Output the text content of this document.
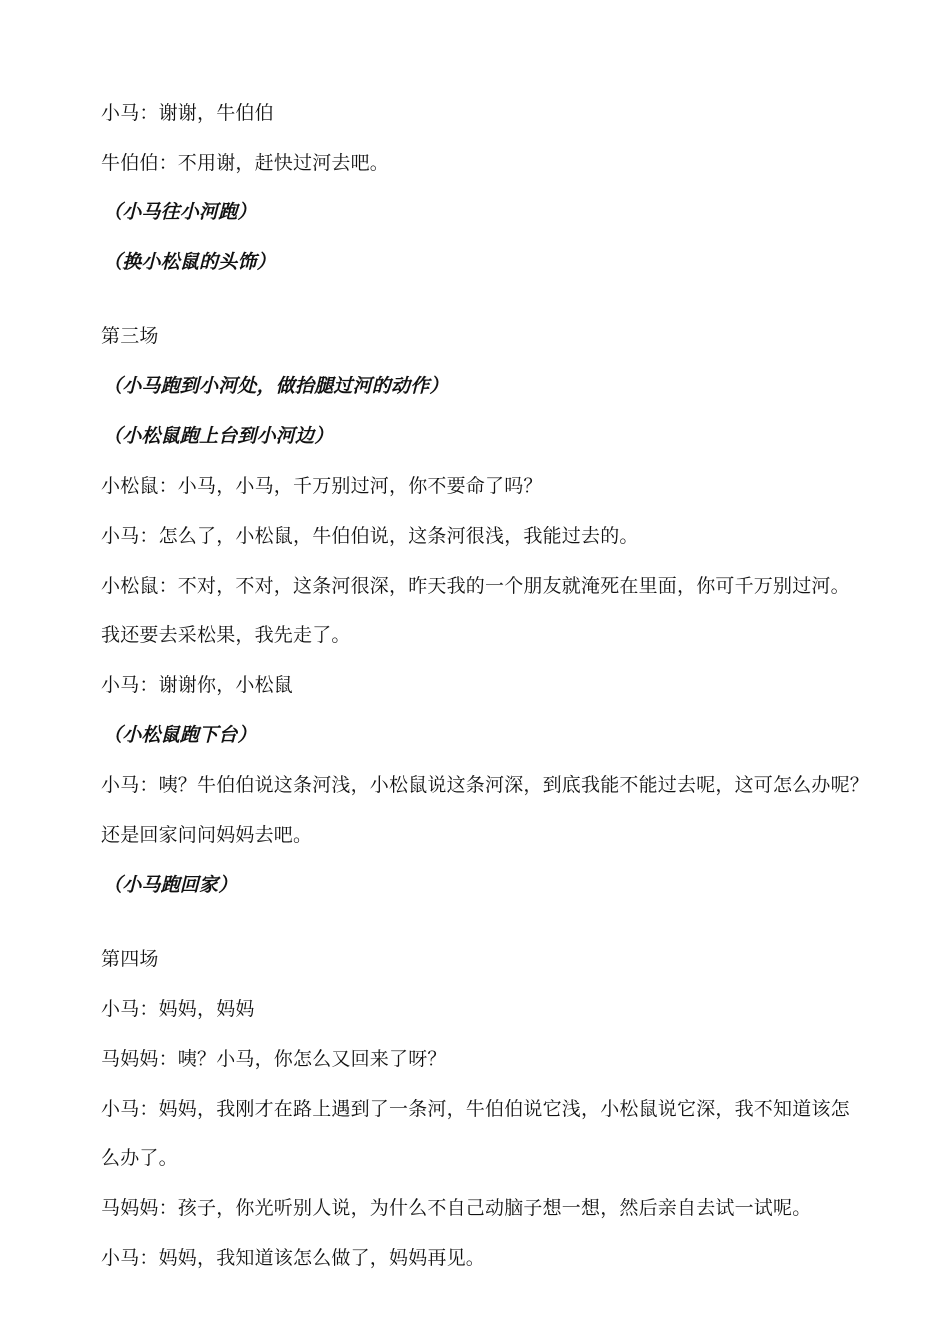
小马：谢谢，牛伯伯
牛伯伯：不用谢，赶快过河去吧。
（小马往小河跑）
（换小松鼠的头饰）
第三场
（小马跑到小河处，做抬腿过河的动作）
（小松鼠跑上台到小河边）
小松鼠：小马，小马，千万别过河，你不要命了吗？
小马：怎么了，小松鼠，牛伯伯说，这条河很浅，我能过去的。
小松鼠：不对，不对，这条河很深，昨天我的一个朋友就淹死在里面，你可千万别过河。
我还要去采松果，我先走了。
小马：谢谢你，小松鼠
（小松鼠跑下台）
小马：咦？牛伯伯说这条河浅，小松鼠说这条河深，到底我能不能过去呢，这可怎么办呢？
还是回家问问妈妈去吧。
（小马跑回家）
第四场
小马：妈妈，妈妈
马妈妈：咦？小马，你怎么又回来了呀？
小马：妈妈，我刚才在路上遇到了一条河，牛伯伯说它浅，小松鼠说它深，我不知道该怎
么办了。
马妈妈：孩子，你光听别人说，为什么不自己动脑子想一想，然后亲自去试一试呢。
小马：妈妈，我知道该怎么做了，妈妈再见。
